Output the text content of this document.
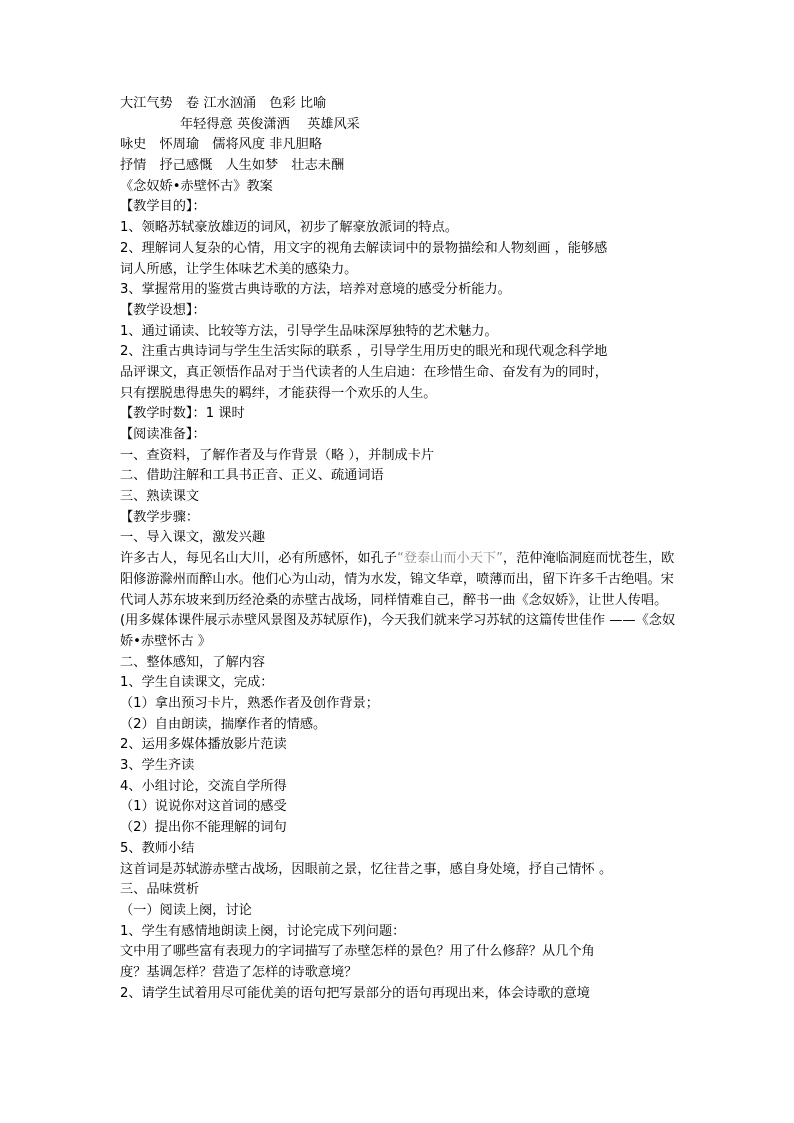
大江气势　卷 江水汹涌　色彩 比喻
年轻得意 英俊潇洒　 英雄风采
咏史　怀周瑜　儒将风度 非凡胆略
抒情　抒己感慨　人生如梦　壮志未酬
《念奴娇•赤壁怀古》教案
【教学目的】：
1、领略苏轼豪放雄迈的词风，初步了解豪放派词的特点。
2、理解词人复杂的心情，用文字的视角去解读词中的景物描绘和人物刻画 ，能够感
词人所感，让学生体味艺术美的感染力。
3、掌握常用的鉴赏古典诗歌的方法，培养对意境的感受分析能力。
【教学设想】：
1、通过诵读、比较等方法，引导学生品味深厚独特的艺术魅力。
2、注重古典诗词与学生生活实际的联系 ，引导学生用历史的眼光和现代观念科学地
品评课文，真正领悟作品对于当代读者的人生启迪：在珍惜生命、奋发有为的同时，
只有摆脱患得患失的羁绊，才能获得一个欢乐的人生。
【教学时数】：1 课时
【阅读准备】：
一、查资料，了解作者及与作背景（略 ），并制成卡片
二、借助注解和工具书正音、正义、疏通词语
三、熟读课文
【教学步骤：
一、导入课文，激发兴趣
许多古人，每见名山大川，必有所感怀，如孔子“登泰山而小天下”，范仲淹临洞庭而忧苍生，欧阳修游滁州而醉山水。他们心为山动，情为水发，锦文华章，喷薄而出，留下许多千古绝唱。宋代词人苏东坡来到历经沧桑的赤壁古战场，同样情难自己，醉书一曲《念奴娇》，让世人传唱。(用多媒体课件展示赤壁风景图及苏轼原作)，今天我们就来学习苏轼的这篇传世佳作 ——《念奴娇•赤壁怀古 》
二、整体感知，了解内容
1、学生自读课文，完成：
（1）拿出预习卡片，熟悉作者及创作背景；
（2）自由朗读，揣摩作者的情感。
2、运用多媒体播放影片范读
3、学生齐读
4、小组讨论，交流自学所得
（1）说说你对这首词的感受
（2）提出你不能理解的词句
5、教师小结
这首词是苏轼游赤壁古战场，因眼前之景，忆往昔之事，感自身处境，抒自己情怀 。
三、品味赏析
（一）阅读上阕，讨论
1、学生有感情地朗读上阕，讨论完成下列问题：
文中用了哪些富有表现力的字词描写了赤壁怎样的景色？用了什么修辞？从几个角
度？基调怎样？营造了怎样的诗歌意境？
2、请学生试着用尽可能优美的语句把写景部分的语句再现出来，体会诗歌的意境
